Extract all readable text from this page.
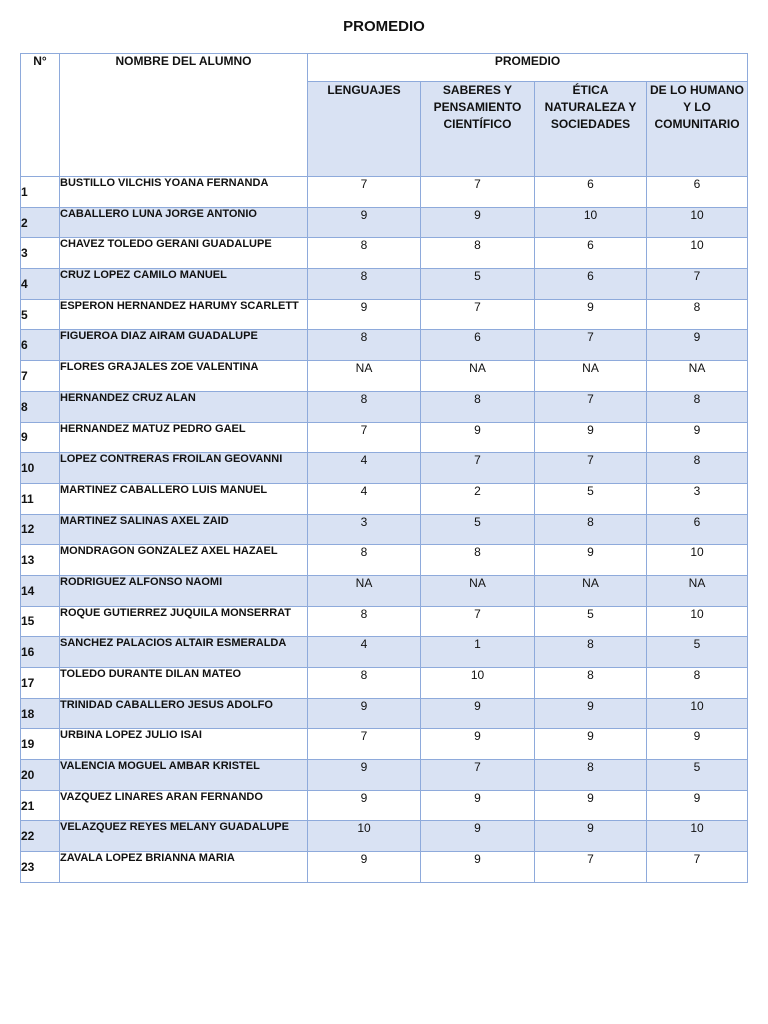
PROMEDIO
N°	NOMBRE DEL ALUMNO	PROMEDIO			
		LENGUAJES	SABERES Y PENSAMIENTO CIENTÍFICO	ÉTICA NATURALEZA Y SOCIEDADES	DE LO HUMANO Y LO COMUNITARIO
1	BUSTILLO VILCHIS YOANA FERNANDA	7	7	6	6
2	CABALLERO LUNA JORGE ANTONIO	9	9	10	10
3	CHAVEZ TOLEDO GERANI GUADALUPE	8	8	6	10
4	CRUZ LOPEZ CAMILO MANUEL	8	5	6	7
5	ESPERON HERNANDEZ HARUMY SCARLETT	9	7	9	8
6	FIGUEROA DIAZ AIRAM GUADALUPE	8	6	7	9
7	FLORES GRAJALES ZOE VALENTINA	NA	NA	NA	NA
8	HERNANDEZ CRUZ ALAN	8	8	7	8
9	HERNANDEZ MATUZ PEDRO GAEL	7	9	9	9
10	LOPEZ CONTRERAS FROILAN GEOVANNI	4	7	7	8
11	MARTINEZ CABALLERO LUIS MANUEL	4	2	5	3
12	MARTINEZ SALINAS AXEL ZAID	3	5	8	6
13	MONDRAGON GONZALEZ AXEL HAZAEL	8	8	9	10
14	RODRIGUEZ ALFONSO NAOMI	NA	NA	NA	NA
15	ROQUE GUTIERREZ JUQUILA MONSERRAT	8	7	5	10
16	SANCHEZ PALACIOS ALTAIR ESMERALDA	4	1	8	5
17	TOLEDO DURANTE DILAN MATEO	8	10	8	8
18	TRINIDAD CABALLERO JESUS ADOLFO	9	9	9	10
19	URBINA LOPEZ JULIO ISAI	7	9	9	9
20	VALENCIA MOGUEL AMBAR KRISTEL	9	7	8	5
21	VAZQUEZ LINARES ARAN FERNANDO	9	9	9	9
22	VELAZQUEZ REYES MELANY GUADALUPE	10	9	9	10
23	ZAVALA LOPEZ BRIANNA MARIA	9	9	7	7
